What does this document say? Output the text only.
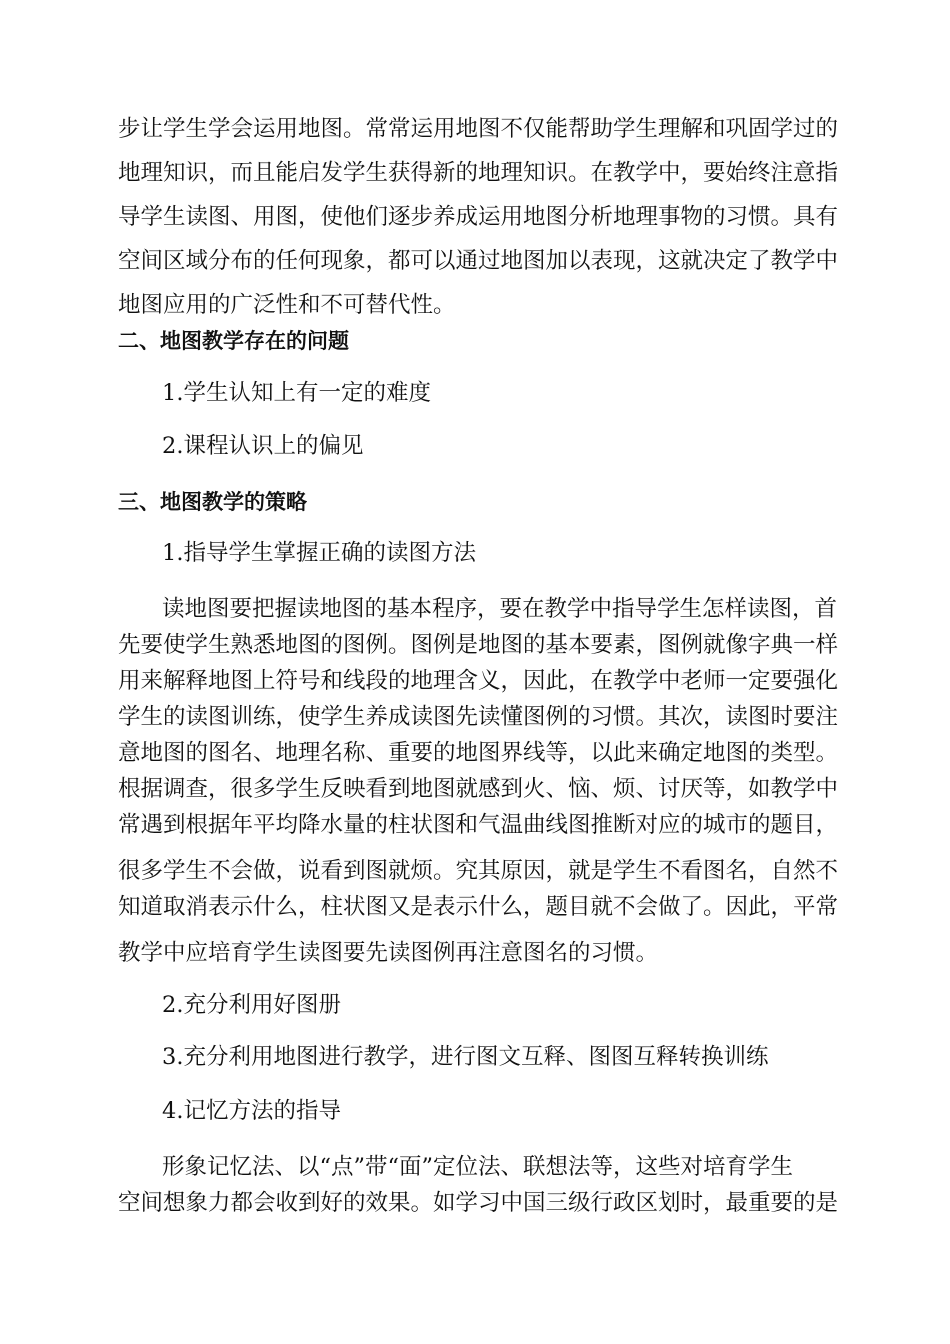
步让学生学会运用地图。常常运用地图不仅能帮助学生理解和巩固学过的
地理知识，而且能启发学生获得新的地理知识。在教学中，要始终注意指
导学生读图、用图，使他们逐步养成运用地图分析地理事物的习惯。具有
空间区域分布的任何现象，都可以通过地图加以表现，这就决定了教学中
地图应用的广泛性和不可替代性。
二、地图教学存在的问题
1.学生认知上有一定的难度
2.课程认识上的偏见
三、地图教学的策略
1.指导学生掌握正确的读图方法
读地图要把握读地图的基本程序，要在教学中指导学生怎样读图，首
先要使学生熟悉地图的图例。图例是地图的基本要素，图例就像字典一样
用来解释地图上符号和线段的地理含义，因此，在教学中老师一定要强化
学生的读图训练，使学生养成读图先读懂图例的习惯。其次，读图时要注
意地图的图名、地理名称、重要的地图界线等，以此来确定地图的类型。
根据调查，很多学生反映看到地图就感到火、恼、烦、讨厌等，如教学中
常遇到根据年平均降水量的柱状图和气温曲线图推断对应的城市的题目，
很多学生不会做，说看到图就烦。究其原因，就是学生不看图名，自然不
知道取消表示什么，柱状图又是表示什么，题目就不会做了。因此，平常
教学中应培育学生读图要先读图例再注意图名的习惯。
2.充分利用好图册
3.充分利用地图进行教学，进行图文互释、图图互释转换训练
4.记忆方法的指导
形象记忆法、以“点”带“面”定位法、联想法等，这些对培育学生
空间想象力都会收到好的效果。如学习中国三级行政区划时，最重要的是
